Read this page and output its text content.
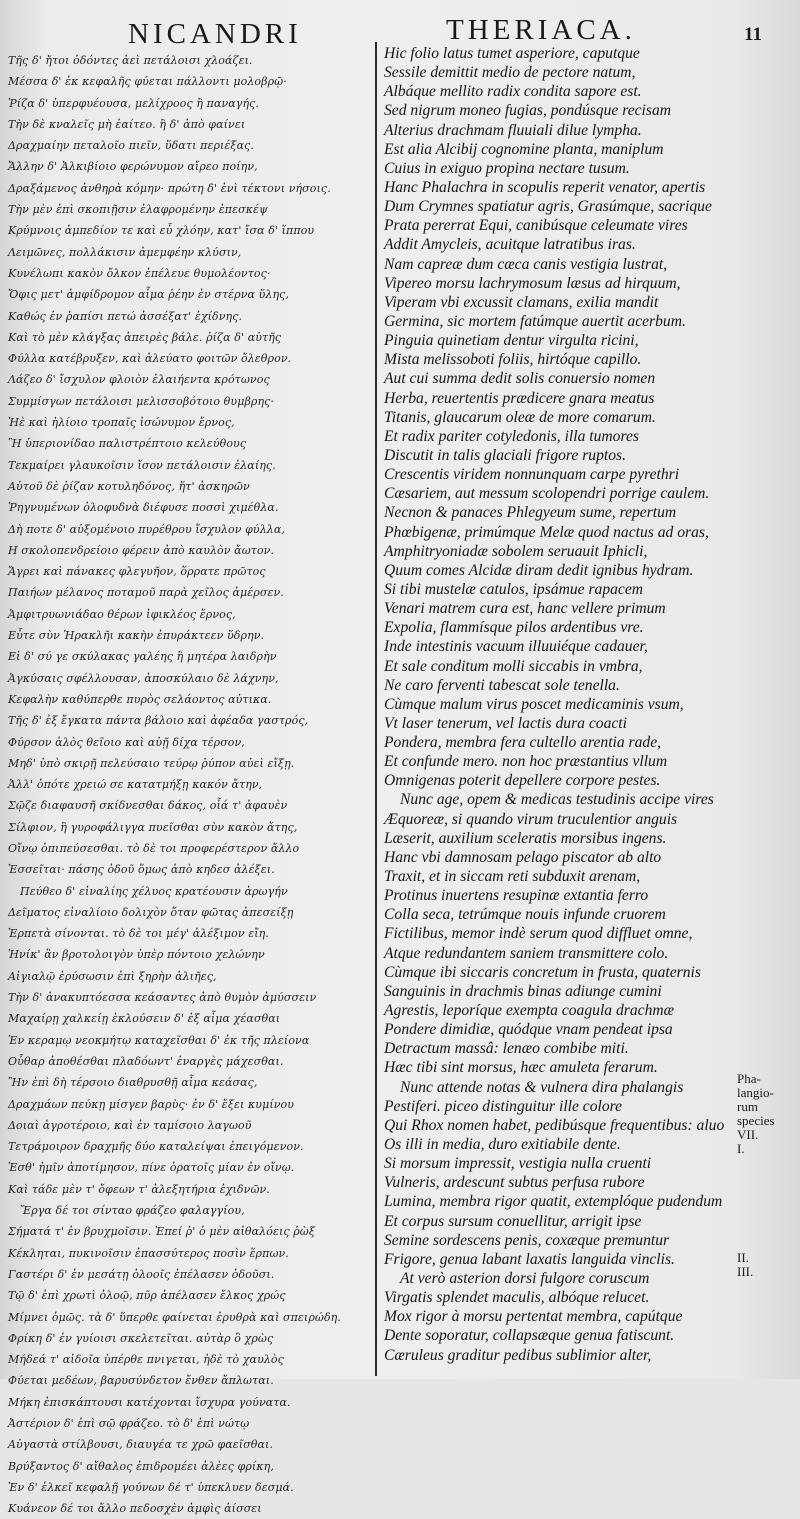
NICANDRI	THERIACA.	11
Τῆς δ' ἤτοι ὀδόντες ἀεὶ πετάλοισι χλοάζει.
Μέσσα δ' ἐκ κεφαλῆς φύεται πάλλοντι μολοβρῷ·
Ῥίζα δ' ὑπερφυέουσα, μελίχροος ἢ παναγής.
Τὴν δὲ κναλεῖς μὴ ἐαίτεο. ἢ δ' ἀπὸ φαίνει
Δραχμαίην πεταλοῖο πιεῖν, ὕδατι περιέξας.
Ἄλλην δ' Ἀλκιβίοιο φερώνυμον αἴρεο ποίην,
Δραξάμενος ἀνθηρὰ κόμην· πρώτη δ' ἐνὶ τέκτονι νήσοις.
Τὴν μὲν ἐπὶ σκοπιῇσιν ἐλαφρομένην ἐπεσκέψ
Κρύμνοις ἀμπεδίον τε καὶ εὖ χλόην, κατ' ἴσα δ' ἵππου
Λειμῶνες, πολλάκισιν ἀμεμφέην κλύσιν,
Κυνέλωπι κακὸν ὄλκον ἐπέλευε θυμολέοντος·
Ὄφις μετ' ἀμφίδρομον αἶμα ῥέην ἐν στέρνα ὕλης,
Καθώς ἐν ῥαπίσι πετώ ἀσσέξατ' ἐχίδνης.
Καὶ τὸ μὲν κλάγξας ἀπειρὲς βάλε. ῥίζα δ' αὐτῆς
Φύλλα κατέβρυξεν, καὶ ἀλεύατο φοιτῶν ὄλεθρον.
Λάζεο δ' ἴσχυλον φλοιὸν ἐλαιήεντα κρότωνος
Συμμίσγων πετάλοισι μελισσοβότοιο θυμβρης·
Ἠὲ καὶ ἡλίοιο τροπαῖς ἰσώνυμον ἔρνος,
Ἣ ὑπεριονίδαο παλιστρέπτοιο κελεύθους
Τεκμαίρει γλαυκοῖσιν ἴσον πετάλοισιν ἐλαίης.
Αὐτοῦ δὲ ῥίζαν κοτυληδόνος, ἥτ' ἀσκηρῶν
Ῥηγνυμένων ὀλοφυδνὰ διέφυσε ποσσὶ χιμέθλα.
Δὴ ποτε δ' αὐξομένοιο πυρέθρου ἴσχυλον φύλλα,
Η σκολοπενδρείοιο φέρειν ἀπὸ καυλὸν ἄωτον.
Ἄγρει καὶ πάνακες φλεγυῆον, ὅρρατε πρῶτος
Παιήων μέλανος ποταμοῦ παρὰ χεῖλος ἀμέρσεν.
Ἀμφιτρυωνιάδαο θέρων ἰφικλέος ἔρνος,
Εὖτε σὺν Ἡρακλῆι κακὴν ἐπυράκτεεν ὕδρην.
Εἰ δ' σύ γε σκύλακας γαλέης ἢ μητέρα λαιδρὴν
Ἀγκύσαις σφέλλουσαν, ἀποσκύλαιο δὲ λάχνην,
Κεφαλὴν καθύπερθε πυρὸς σελάοντος αὐτικα.
Τῆς δ' ἐξ ἔγκατα πάντα βάλοιο καὶ ἀφέαδα γαστρός,
Φύρσον ἁλὸς θεῖοιο καὶ αὐῇ δίχα τέρσον,
Μηδ' ὑπὸ σκιρῇ πελεύσαιο τεύρῳ ῥύπον αὐεὶ εἴξῃ.
Ἀλλ' ὁπότε χρειώ σε κατατμήξῃ κακόν ἄτην,
Σῷζε διαφαυσῆ σκίδνεσθαι δάκος, οἷά τ' ἀφαυὲν
Σίλφιον, ἢ γυροφάλιγγα πυεῖσθαι σὺν κακὸν ἄτης,
Οἴνῳ ὁπιπεύσεσθαι. τὸ δὲ τοι προφερέστερον ἄλλο
Ἐσσεῖται· πάσης ὁδοῦ ὅμως ἀπὸ κηδεσ ἀλέξει.
Πεύθεο δ' εἰναλίης χέλυος κρατέουσιν ἀρωγήν
Δεῖματος εἰναλίοιο δολιχὸν ὅταν φῶτας ἀπεσείξῃ
Ἐρπετὰ σίνονται. τὸ δὲ τοι μέγ' ἀλέξιμον εἴη.
Ἡνίκ' ἂν βροτολοιγὸν ὑπὲρ πόντοιο χελώνην
Αἰγιαλῷ ἐρύσωσιν ἐπὶ ξηρὴν ἁλιῆες,
Τὴν δ' ἀνακυπτόεσσα κεάσαντες ἀπὸ θυμὸν ἀμύσσειν
Μαχαίρῃ χαλκείῃ ἐκλούσειν δ' ἐξ αἷμα χέασθαι
Ἐν κεραμῳ νεοκμήτῳ καταχεῖσθαι δ' ἐκ τῆς πλείονα
Οὖθαρ ἀποθέσθαι πλαδόωντ' ἐναργὲς μάχεσθαι.
Ἢν ἐπὶ δὴ τέρσοιο διαθρυσθῇ αἷμα κεάσας,
Δραχμάων πεύκῃ μίσγεν βαρὺς· ἐν δ' ἔξει κυμίνου
Δοιαὶ ἀγροτέροιο, καὶ ἐν ταμίσοιο λαγωοῦ
Τετράμοιρον δραχμῆς δύο καταλείψαι ἐπειγόμενον.
Ἐσθ' ἡμῖν ἀποτίμησον, πίνε ὁρατοῖς μίαν ἐν οἴνῳ.
Καὶ τάδε μὲν τ' ὄφεων τ' ἀλεξητήρια ἐχιδνῶν.
Ἔργα δέ τοι σίνταο φράζεο φαλαγγίου,
Σήματά τ' ἐν βρυχμοῖσιν. Ἐπεί ῥ' ὁ μὲν αἰθαλόεις ῥὼξ
Κέκληται, πυκινοῖσιν ἐπασσύτερος ποσὶν ἕρπων.
Γαστέρι δ' ἐν μεσάτῃ ὀλοοῖς ἐπέλασεν ὀδοῦσι.
Τῷ δ' ἐπὶ χρωτὶ ὀλοῷ, πῦρ ἀπέλασεν ἔλκος χρώς
Μίμνει ὁμῶς. τὰ δ' ὕπερθε φαίνεται ἐρυθρὰ καὶ σπειρώδη.
Φρίκη δ' ἐν γυίοισι σκελετεῖται. αὐτὰρ ὃ χρὼς
Μήδεά τ' αἰδοῖα ὑπέρθε πνιγεται, ἠδὲ τὸ χαυλὸς
Φύεται μεδέων, βαρυσύνδετον ἔνθεν ἄπλωται.
Μήκη ἐπισκάπτουσι κατέχονται ἴσχυρα γούνατα.
Ἀστέριον δ' ἐπὶ σῷ φράζεο. τὸ δ' ἐπὶ νώτῳ
Αὐγαστὰ στίλβουσι, διαυγέα τε χρῶ φαεῖσθαι.
Βρύξαντος δ' αἴθαλος ἐπιδρομέει ἀλὲες φρίκη,
Ἐν δ' ἑλκεῖ κεφαλῇ γούνων δέ τ' ὑπεκλυεν δεσμά.
Κυάνεον δέ τοι ἄλλο πεδοσχὲν ἀμφὶς ἀίσσει
Hic folio latus tumet asperiore, caputque
Sessile demittit medio de pectore natum,
Albáque mellito radix condita sapore est.
Sed nigrum moneo fugias, pondúsque recisam
Alterius drachmam fluuiali dilue lympha.
Est alia Alcibij cognomine planta, maniplum
Cuius in exiguo propina nectare tusum.
Hanc Phalachra in scopulis reperit venator, apertis
Dum Crymnes spatiatur agris, Grasúmque, sacrique
Prata pererrat Equi, canibúsque celeumate vires
Addit Amycleis, acuitque latratibus iras.
Nam capreæ dum cæca canis vestigia lustrat,
Vipereo morsu lachrymosum læsus ad hirquum,
Viperam vbi excussit clamans, exilia mandit
Germina, sic mortem fatúmque auertit acerbum.
Pinguia quinetiam dentur virgulta ricini,
Mista melissoboti foliis, hirtóque capillo.
Aut cui summa dedit solis conuersio nomen
Herba, reuertentis prædicere gnara meatus
Titanis, glaucarum oleæ de more comarum.
Et radix pariter cotyledonis, illa tumores
Discutit in talis glaciali frigore ruptos.
Crescentis viridem nonnunquam carpe pyrethri
Cæsariem, aut messum scolopendri porrige caulem.
Necnon & panaces Phlegyeum sume, repertum
Phœbigenæ, primúmque Melæ quod nactus ad oras,
Amphitryoniadæ sobolem seruauit Iphicli,
Quum comes Alcidæ diram dedit ignibus hydram.
Si tibi mustelæ catulos, ipsámue rapacem
Venari matrem cura est, hanc vellere primum
Expolia, flammísque pilos ardentibus vre.
Inde intestinis vacuum illuuiéque cadauer,
Et sale conditum molli siccabis in vmbra,
Ne caro ferventi tabescat sole tenella.
Cùmque malum virus poscet medicaminis vsum,
Vt laser tenerum, vel lactis dura coacti
Pondera, membra fera cultello arentia rade,
Et confunde mero. non hoc præstantius vllum
Omnigenas poterit depellere corpore pestes.
Nunc age, opem & medicas testudinis accipe vires
Æquoreæ, si quando virum truculentior anguis
Læserit, auxilium sceleratis morsibus ingens.
Hanc vbi damnosam pelago piscator ab alto
Traxit, et in siccam reti subduxit arenam,
Protinus inuertens resupinæ extantia ferro
Colla seca, tetrúmque nouis infunde cruorem
Fictilibus, memor indè serum quod diffluet omne,
Atque redundantem saniem transmittere colo.
Cùmque ibi siccaris concretum in frusta, quaternis
Sanguinis in drachmis binas adiunge cumini
Agrestis, leporíque exempta coagula drachmæ
Pondere dimidiæ, quódque vnam pendeat ipsa
Detractum massâ: lenæo combibe miti.
Hæc tibi sint morsus, hæc amuleta ferarum.
Nunc attende notas & vulnera dira phalangis
Pestiferi. piceo distinguitur ille colore
Qui Rhox nomen habet, pedibúsque frequentibus: aluo
Os illi in media, duro exitiabile dente.
Si morsum impressit, vestigia nulla cruenti
Vulneris, ardescunt subtus perfusa rubore
Lumina, membra rigor quatit, extemplóque pudendum
Et corpus sursum conuellitur, arrigit ipse
Semine sordescens penis, coxæque premuntur
Frigore, genua labant laxatis languida vinclis.
At verò asterion dorsi fulgore coruscum
Virgatis splendet maculis, albóque relucet.
Mox rigor à morsu pertentat membra, capútque
Dente soporatur, collapsæque genua fatiscunt.
Cæruleus graditur pedibus sublimior alter,
Pha-
langio-
rum
species
VII.
I.
II.
III.
